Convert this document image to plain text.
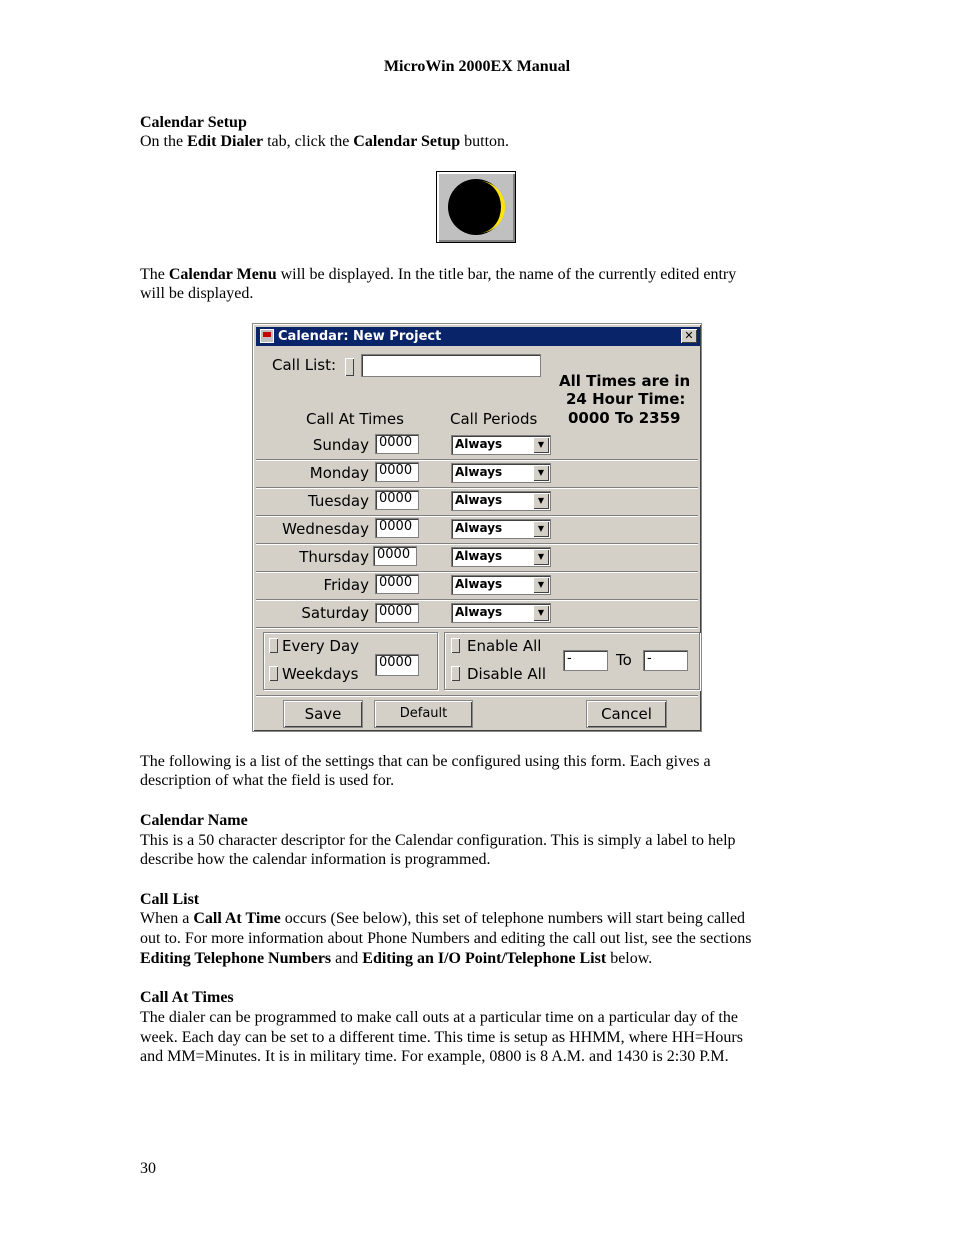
MicroWin 2000EX Manual
Calendar Setup
On the Edit Dialer tab, click the Calendar Setup button.
The Calendar Menu will be displayed. In the title bar, the name of the currently edited entry
will be displayed.
Calendar: New Project	✕
Call List:
All Times are in
24 Hour Time:
0000 To 2359
Call At Times	Call Periods
Sunday 0000	Always	▼
Monday 0000	Always	▼
Tuesday 0000	Always	▼
Wednesday 0000	Always	▼
Thursday 0000	Always	▼
Friday 0000	Always	▼
Saturday 0000	Always	▼
Every Day
Weekdays
0000
Enable All
Disable All
-	To	-
Save	Default	Cancel
The following is a list of the settings that can be configured using this form. Each gives a
description of what the field is used for.
Calendar Name
This is a 50 character descriptor for the Calendar configuration. This is simply a label to help
describe how the calendar information is programmed.
Call List
When a Call At Time occurs (See below), this set of telephone numbers will start being called
out to. For more information about Phone Numbers and editing the call out list, see the sections
Editing Telephone Numbers and Editing an I/O Point/Telephone List below.
Call At Times
The dialer can be programmed to make call outs at a particular time on a particular day of the
week. Each day can be set to a different time. This time is setup as HHMM, where HH=Hours
and MM=Minutes. It is in military time. For example, 0800 is 8 A.M. and 1430 is 2:30 P.M.
30
